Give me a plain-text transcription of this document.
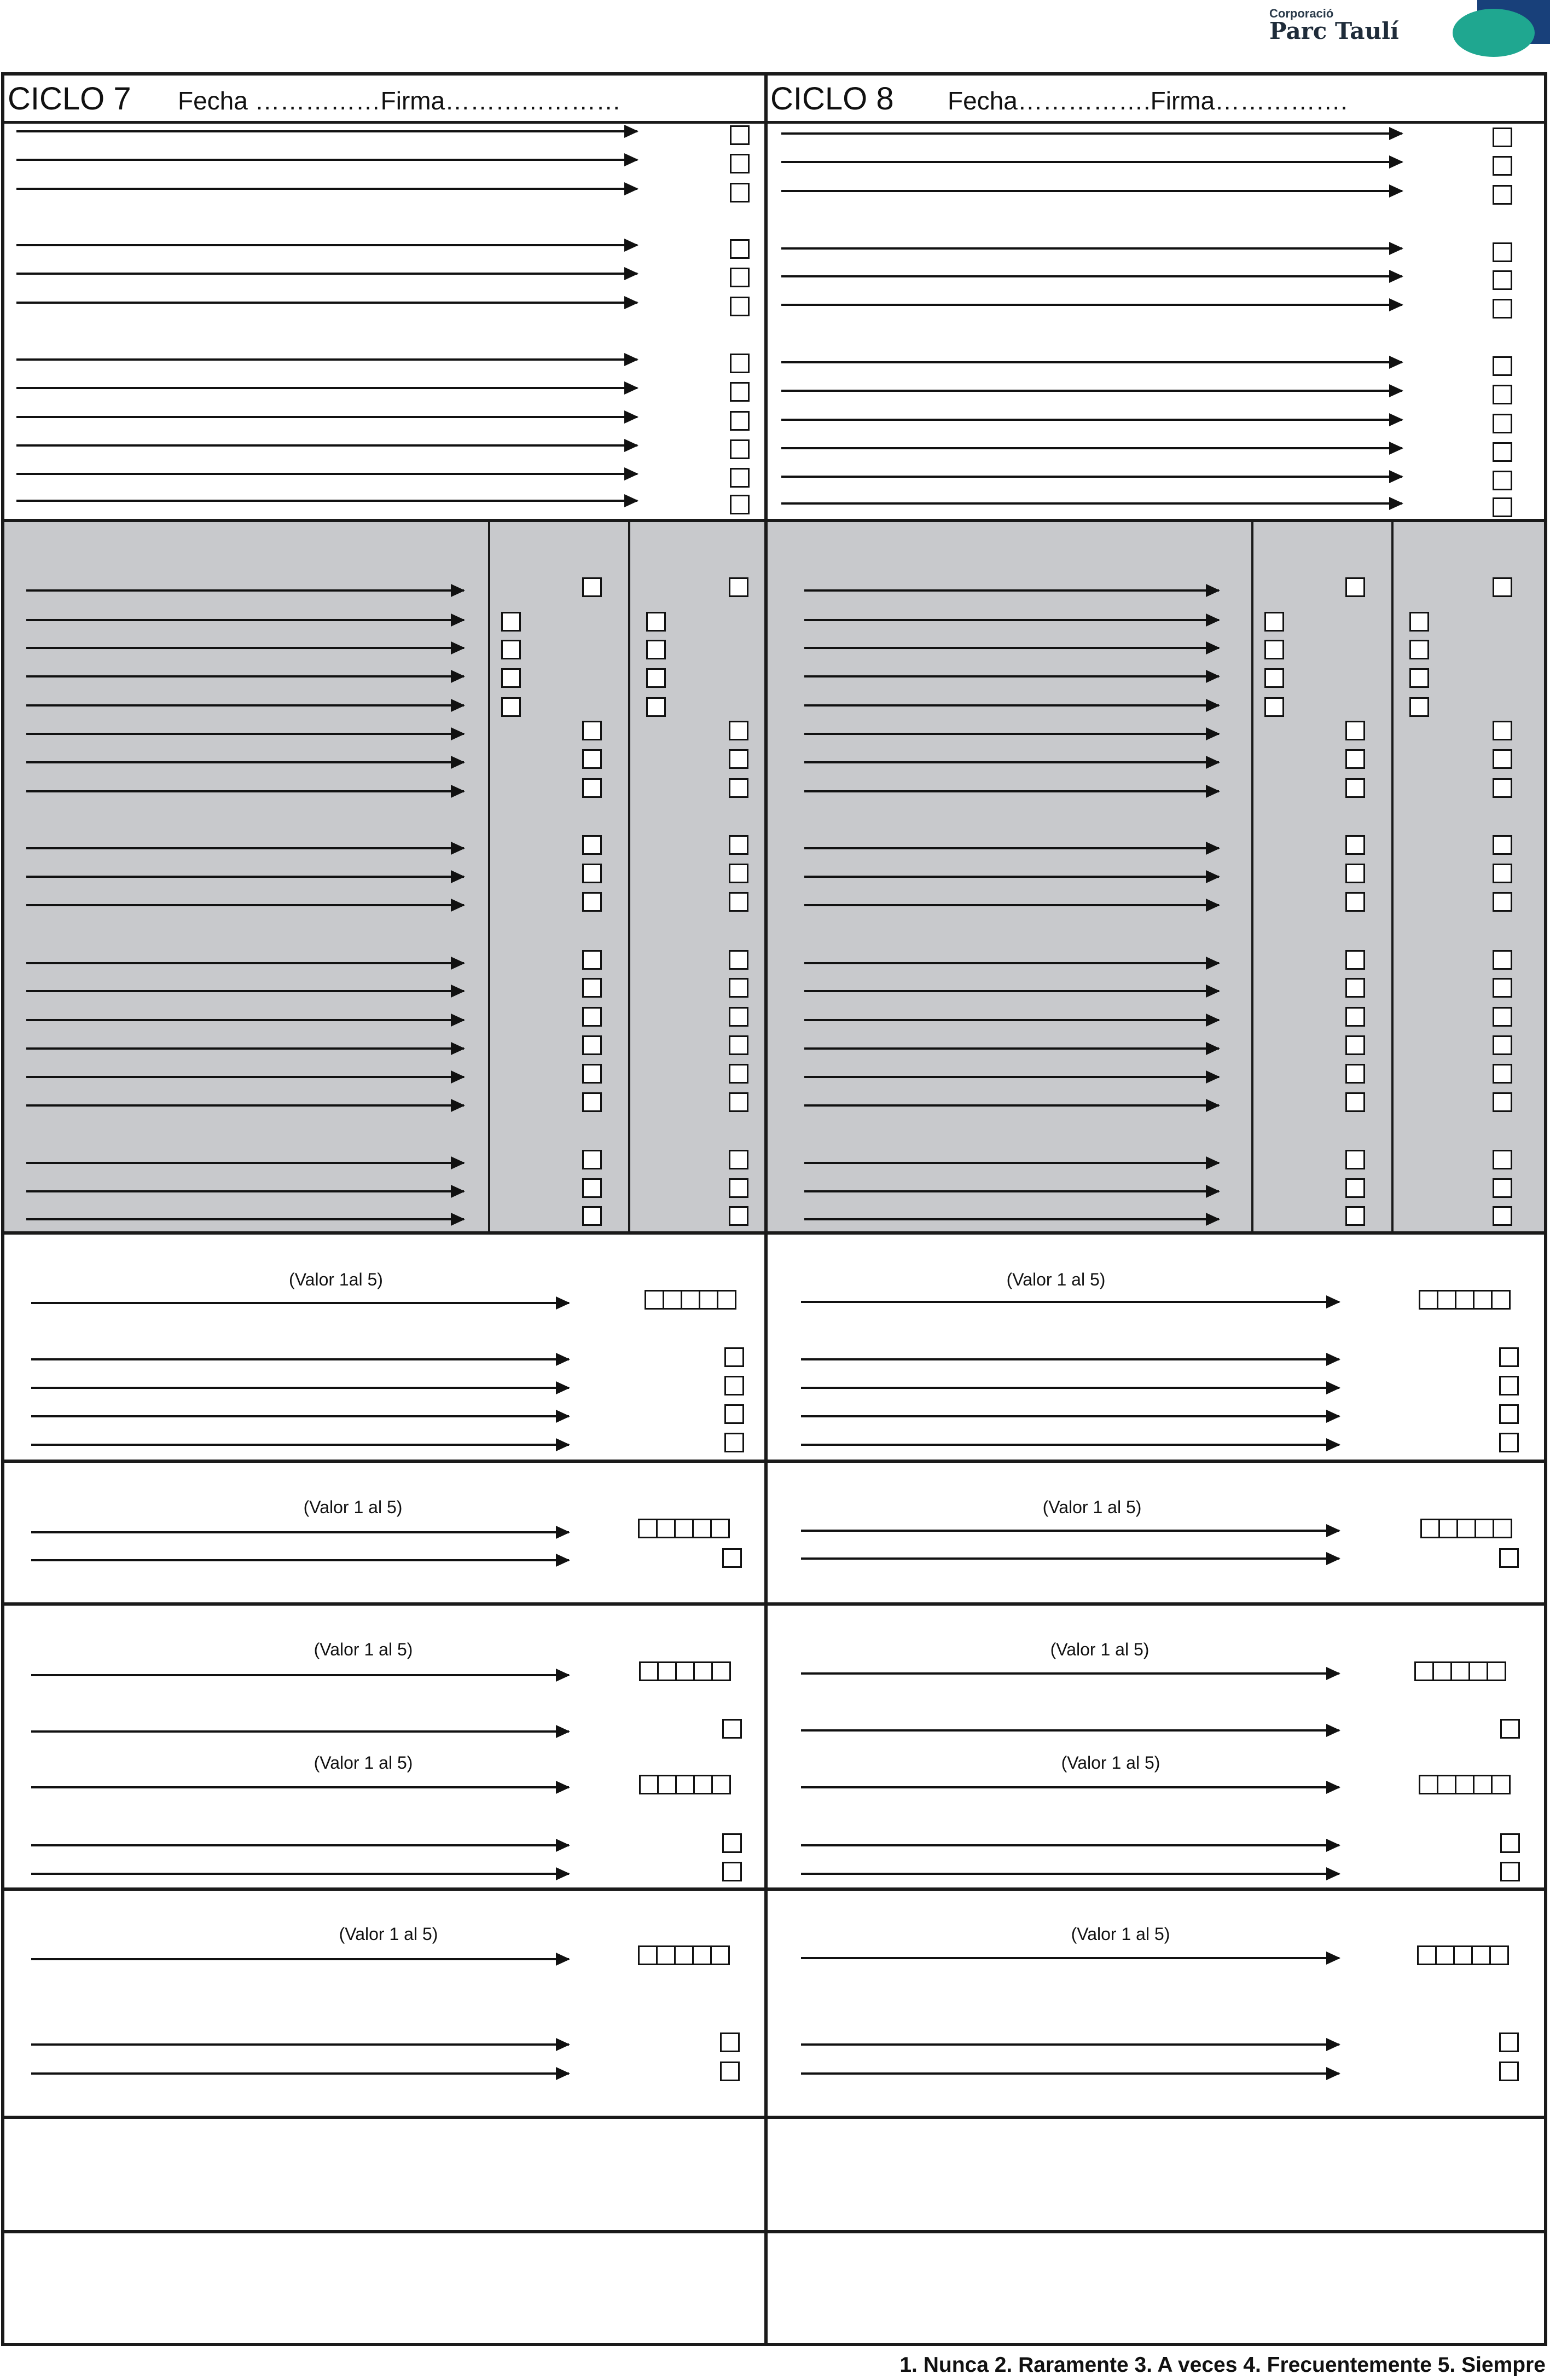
Corporació
Parc Taulí
CICLO 7 Fecha ……………Firma…………………	CICLO 8 Fecha…………….Firma…………….
1. Nunca 2. Raramente 3. A veces 4. Frecuentemente 5. Siempre
(Valor 1al 5)	(Valor 1 al 5)
(Valor 1 al 5)	(Valor 1 al 5)
(Valor 1 al 5)	(Valor 1 al 5)
(Valor 1 al 5)	(Valor 1 al 5)
(Valor 1 al 5)	(Valor 1 al 5)
